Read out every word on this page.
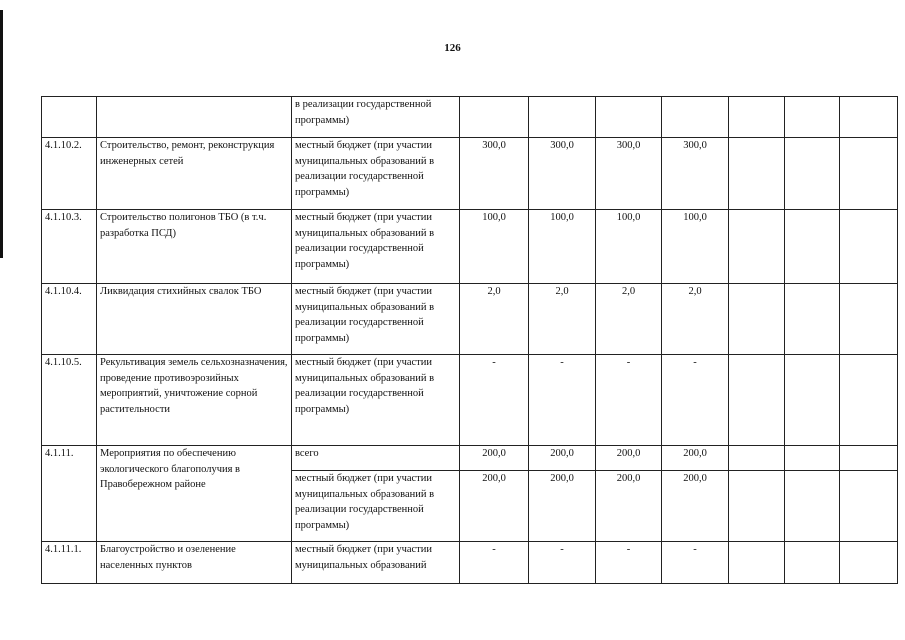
126
		в реализации государственной программы)							
4.1.10.2.	Строительство, ремонт, реконструкция инженерных сетей	местный бюджет (при участии муниципальных образований в реализации государственной программы)	300,0	300,0	300,0	300,0			
4.1.10.3.	Строительство полигонов ТБО (в т.ч. разработка ПСД)	местный бюджет (при участии муниципальных образований в реализации государственной программы)	100,0	100,0	100,0	100,0			
4.1.10.4.	Ликвидация стихийных свалок ТБО	местный бюджет (при участии муниципальных образований в реализации государственной программы)	2,0	2,0	2,0	2,0			
4.1.10.5.	Рекультивация земель сельхозназначения, проведение противоэрозийных мероприятий, уничтожение сорной растительности	местный бюджет (при участии муниципальных образований в реализации государственной программы)	-	-	-	-			
4.1.11.	Мероприятия по обеспечению экологического благополучия в Правобережном районе	всего	200,0	200,0	200,0	200,0			
		местный бюджет (при участии муниципальных образований в реализации государственной программы)	200,0	200,0	200,0	200,0			
4.1.11.1.	Благоустройство и озеленение населенных пунктов	местный бюджет (при участии муниципальных образований	-	-	-	-			
